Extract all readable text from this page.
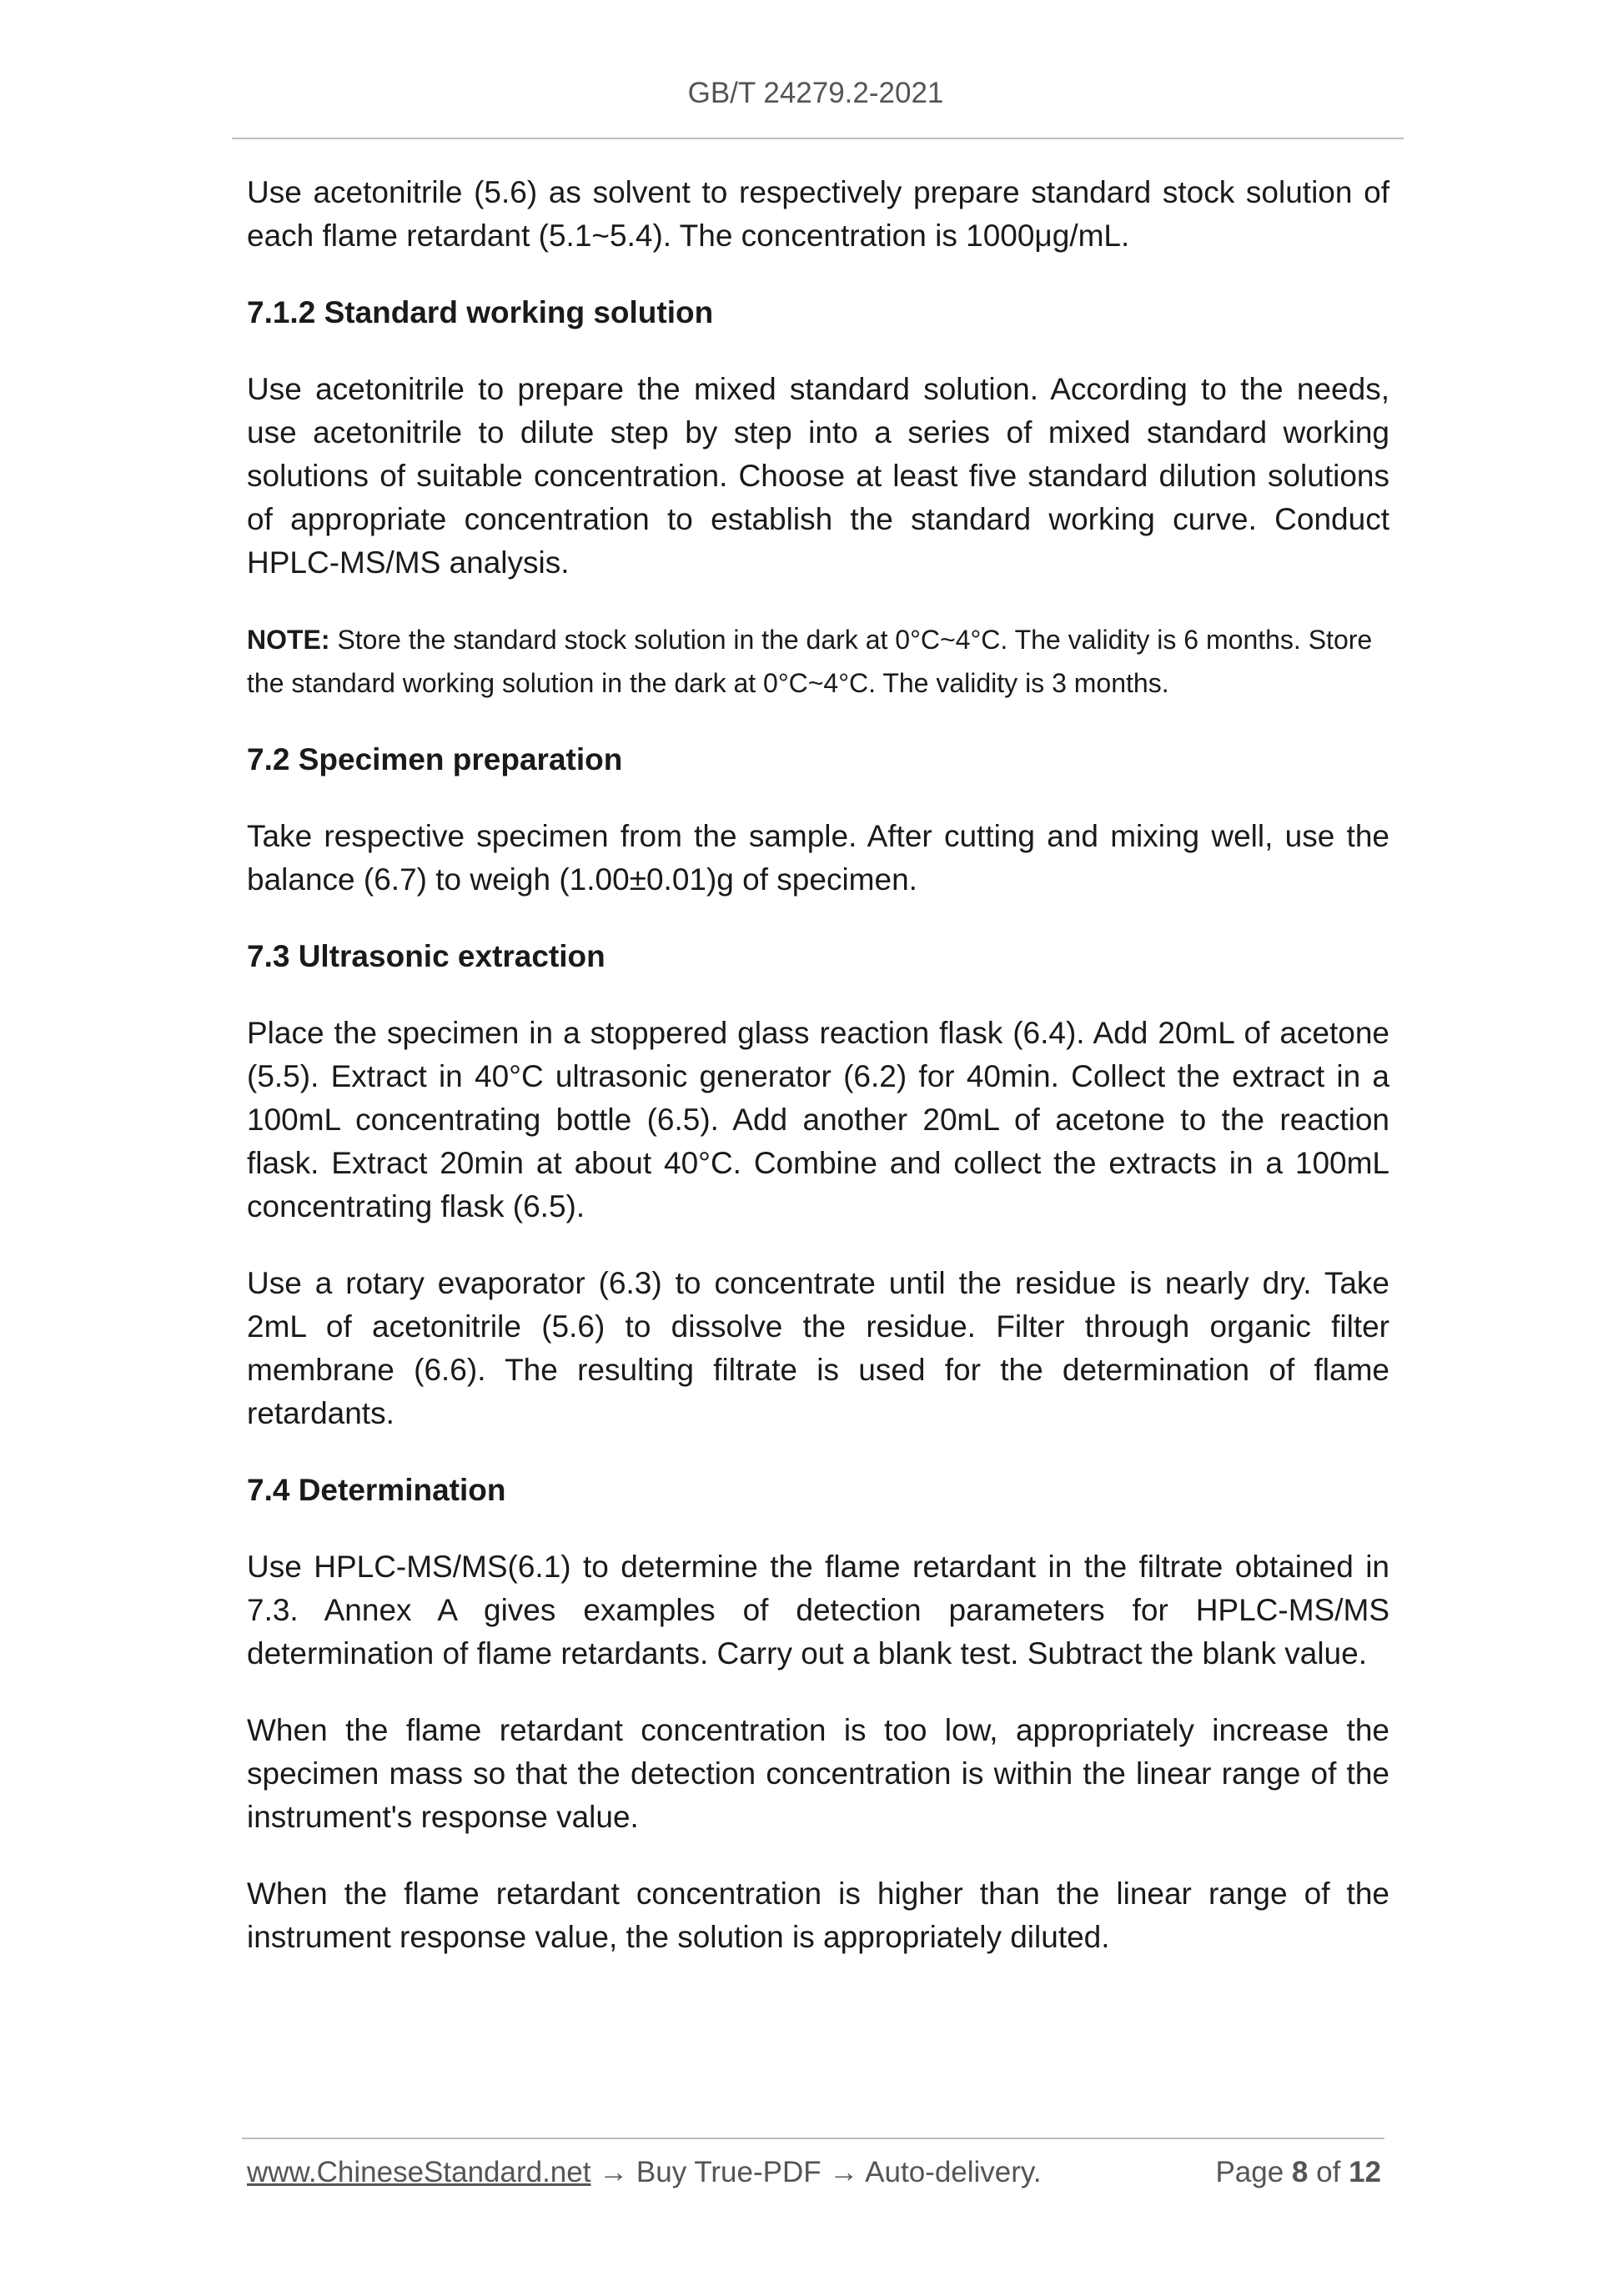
GB/T 24279.2-2021

Use acetonitrile (5.6) as solvent to respectively prepare standard stock solution of each flame retardant (5.1~5.4). The concentration is 1000μg/mL.

7.1.2 Standard working solution

Use acetonitrile to prepare the mixed standard solution. According to the needs, use acetonitrile to dilute step by step into a series of mixed standard working solutions of suitable concentration. Choose at least five standard dilution solutions of appropriate concentration to establish the standard working curve. Conduct HPLC-MS/MS analysis.

NOTE: Store the standard stock solution in the dark at 0°C~4°C. The validity is 6 months. Store the standard working solution in the dark at 0°C~4°C. The validity is 3 months.

7.2 Specimen preparation

Take respective specimen from the sample. After cutting and mixing well, use the balance (6.7) to weigh (1.00±0.01)g of specimen.

7.3 Ultrasonic extraction

Place the specimen in a stoppered glass reaction flask (6.4). Add 20mL of acetone (5.5). Extract in 40°C ultrasonic generator (6.2) for 40min. Collect the extract in a 100mL concentrating bottle (6.5). Add another 20mL of acetone to the reaction flask. Extract 20min at about 40°C. Combine and collect the extracts in a 100mL concentrating flask (6.5).

Use a rotary evaporator (6.3) to concentrate until the residue is nearly dry. Take 2mL of acetonitrile (5.6) to dissolve the residue. Filter through organic filter membrane (6.6). The resulting filtrate is used for the determination of flame retardants.

7.4 Determination

Use HPLC-MS/MS(6.1) to determine the flame retardant in the filtrate obtained in 7.3. Annex A gives examples of detection parameters for HPLC-MS/MS determination of flame retardants. Carry out a blank test. Subtract the blank value.

When the flame retardant concentration is too low, appropriately increase the specimen mass so that the detection concentration is within the linear range of the instrument's response value.

When the flame retardant concentration is higher than the linear range of the instrument response value, the solution is appropriately diluted.

www.ChineseStandard.net → Buy True-PDF → Auto-delivery.	Page 8 of 12
